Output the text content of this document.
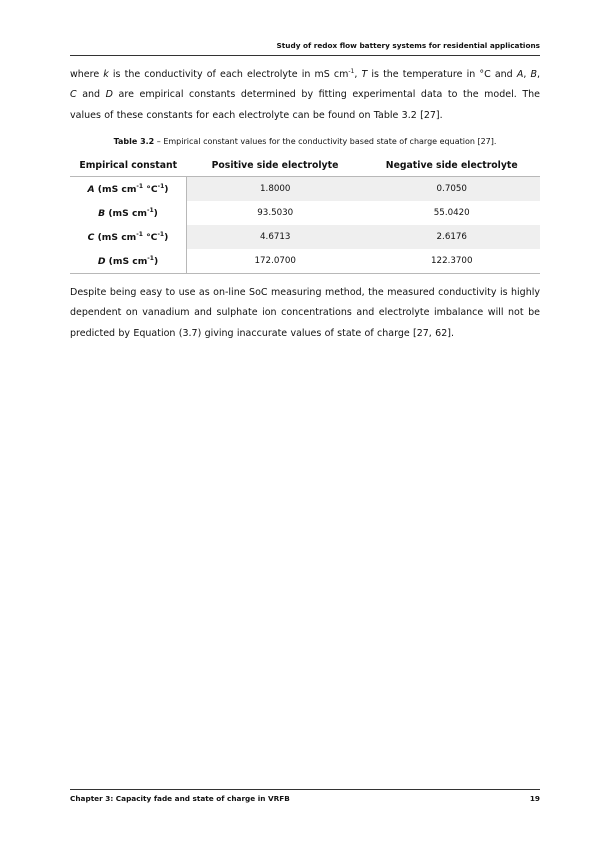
Study of redox flow battery systems for residential applications
where k is the conductivity of each electrolyte in mS $cm^{-1}$, T is the temperature in °C and A, B,
C and D are empirical constants determined by fitting experimental data to the model. The
values of these constants for each electrolyte can be found on Table 3.2 [27].
Table 3.2 – Empirical constant values for the conductivity based state of charge equation [27].
Empirical constant	Positive side electrolyte	Negative side electrolyte
A (mS $cm^{-1}$ $^\circ C^{-1}$)	1.8000	0.7050
B (mS $cm^{-1}$)	93.5030	55.0420
C (mS $cm^{-1}$ $^\circ C^{-1}$)	4.6713	2.6176
D (mS $cm^{-1}$)	172.0700	122.3700
Despite being easy to use as on-line SoC measuring method, the measured conductivity is highly
dependent on vanadium and sulphate ion concentrations and electrolyte imbalance will not be
predicted by Equation (3.7) giving inaccurate values of state of charge [27, 62].
Chapter 3: Capacity fade and state of charge in VRFB	19
